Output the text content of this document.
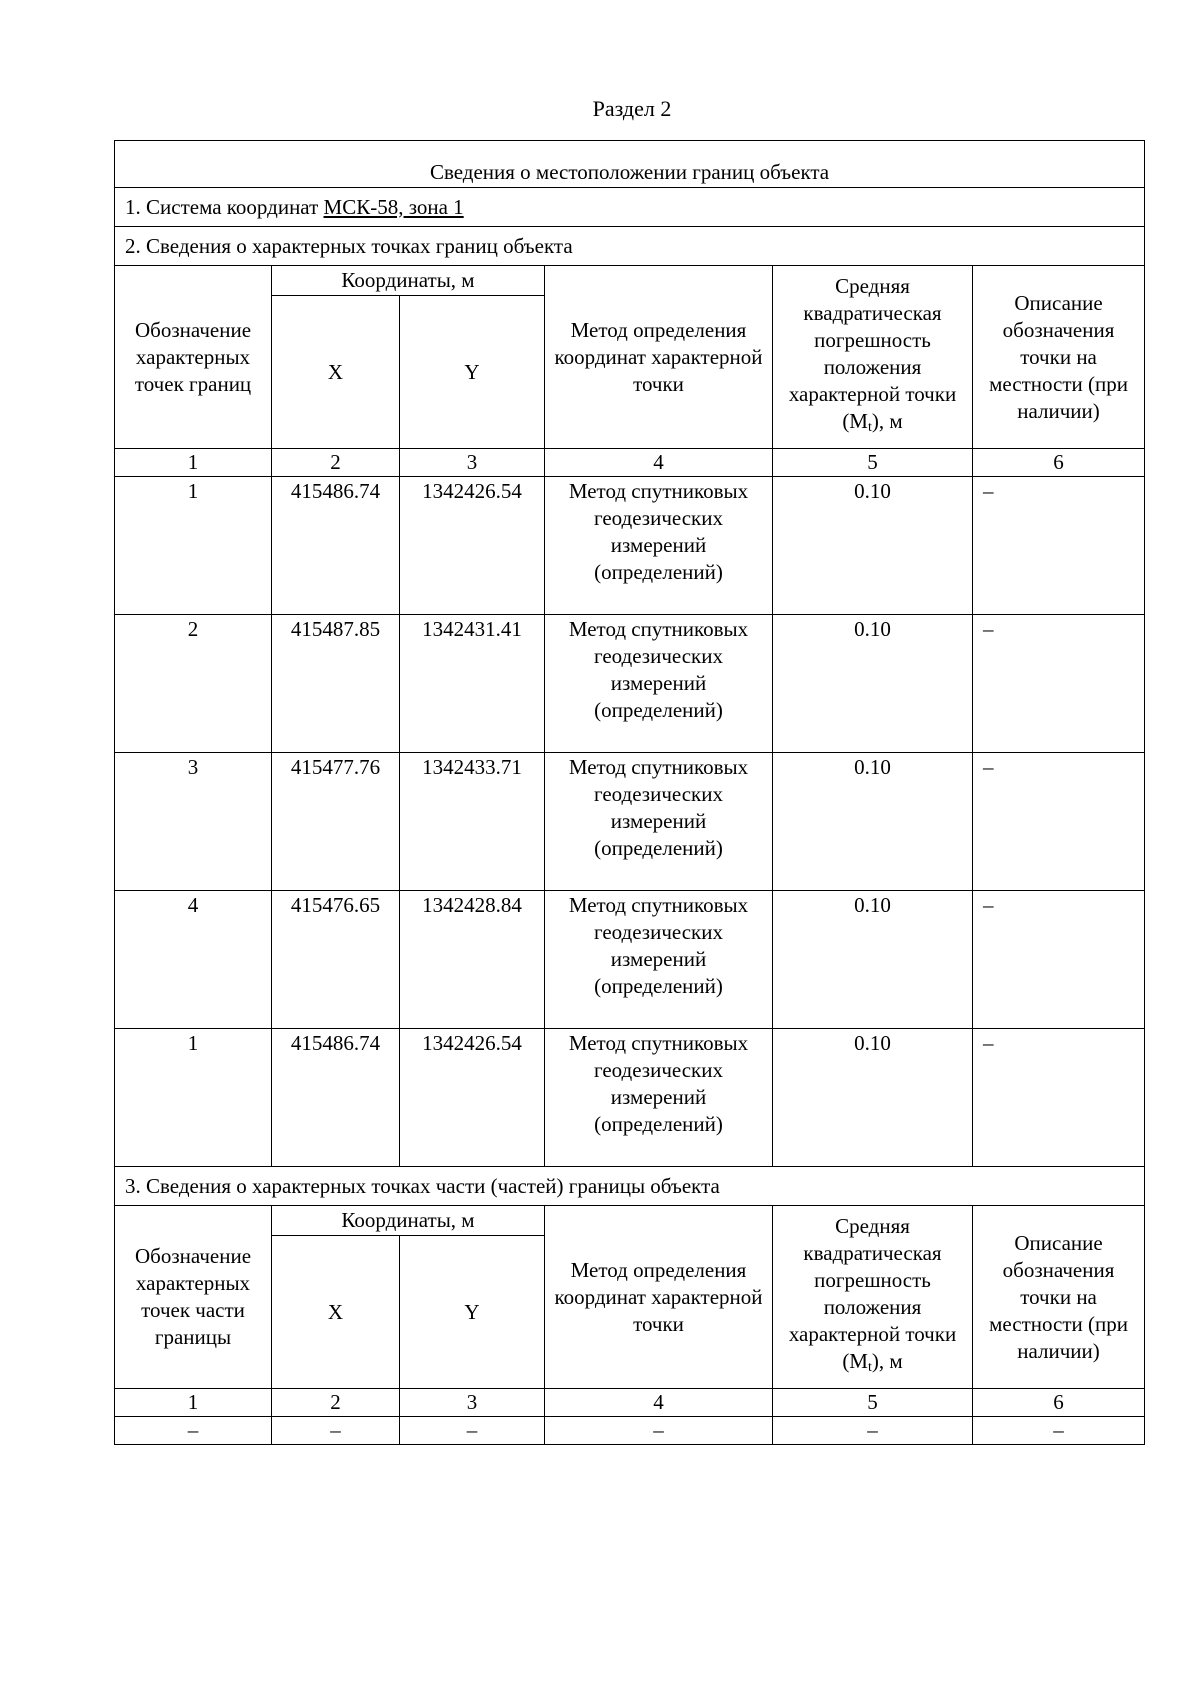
Раздел 2
Сведения о местоположении границ объекта					
1. Система координат МСК-58, зона 1					
2. Сведения о характерных точках границ объекта					
Обозначение характерных точек границ	Координаты, м		Метод определения координат характерной точки	Средняя квадратическая погрешность положения характерной точки $(M_t)$, м	Описание обозначения точки на местности (при наличии)
	X	Y			
1	2	3	4	5	6
1	415486.74	1342426.54	Метод спутниковых геодезических измерений (определений)	0.10	–
2	415487.85	1342431.41	Метод спутниковых геодезических измерений (определений)	0.10	–
3	415477.76	1342433.71	Метод спутниковых геодезических измерений (определений)	0.10	–
4	415476.65	1342428.84	Метод спутниковых геодезических измерений (определений)	0.10	–
1	415486.74	1342426.54	Метод спутниковых геодезических измерений (определений)	0.10	–
3. Сведения о характерных точках части (частей) границы объекта					
Обозначение характерных точек части границы	Координаты, м		Метод определения координат характерной точки	Средняя квадратическая погрешность положения характерной точки $(M_t)$, м	Описание обозначения точки на местности (при наличии)
	X	Y			
1	2	3	4	5	6
–	–	–	–	–	–
